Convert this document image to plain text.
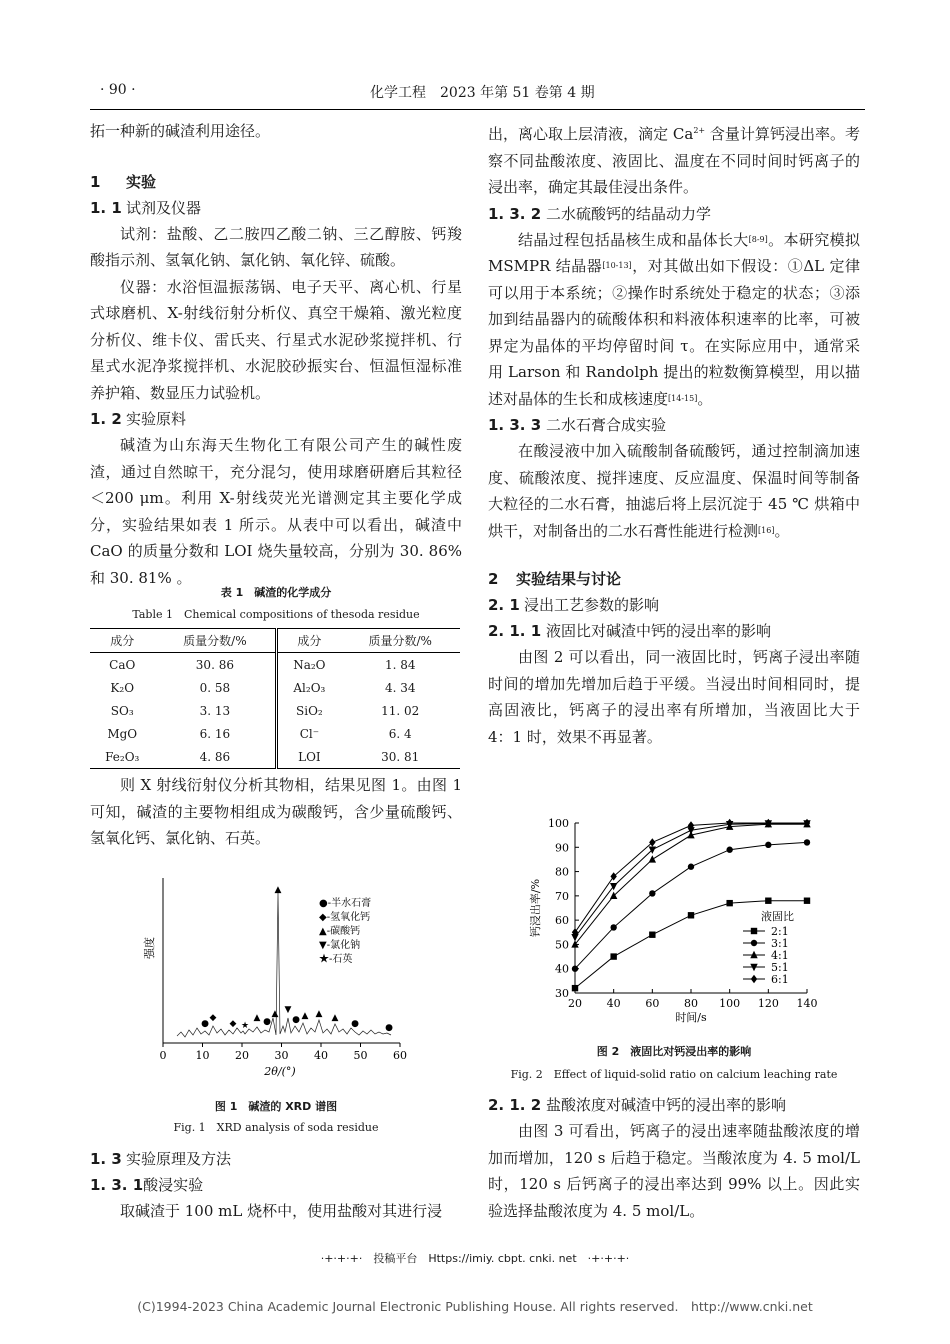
· 90 ·	化学工程　2023 年第 51 卷第 4 期

拓一种新的碱渣利用途径。

1 实验
1. 1 试剂及仪器

试剂：盐酸、乙二胺四乙酸二钠、三乙醇胺、钙羧酸指示剂、氢氧化钠、氯化钠、氧化锌、硫酸。

仪器：水浴恒温振荡锅、电子天平、离心机、行星式球磨机、X-射线衍射分析仪、真空干燥箱、激光粒度分析仪、维卡仪、雷氏夹、行星式水泥砂浆搅拌机、行星式水泥净浆搅拌机、水泥胶砂振实台、恒温恒湿标准养护箱、数显压力试验机。

1. 2 实验原料

碱渣为山东海天生物化工有限公司产生的碱性废渣，通过自然晾干，充分混匀，使用球磨研磨后其粒径＜200 μm。利用 X-射线荧光光谱测定其主要化学成分，实验结果如表 1 所示。从表中可以看出，碱渣中 CaO 的质量分数和 LOI 烧失量较高，分别为 30. 86% 和 30. 81% 。

表 1　碱渣的化学成分
Table 1　Chemical compositions of thesoda residue
成分	质量分数/%	成分	质量分数/%
CaO	30. 86	Na₂O	1. 84
K₂O	0. 58	Al₂O₃	4. 34
SO₃	3. 13	SiO₂	11. 02
MgO	6. 16	Cl⁻	6. 4
Fe₂O₃	4. 86	LOI	30. 81

则 X 射线衍射仪分析其物相，结果见图 1。由图 1 可知，碱渣的主要物相组成为碳酸钙，含少量硫酸钙、氢氧化钙、氯化钠、石英。

强度
0	10 20 30 40 50 60
2θ/(°)
●
◆
◆ ★
▲ ●
▲
▲
▼
● ▲ ▲ ▲
●	●
●-半水石膏
◆-氢氧化钙
▲-碳酸钙
▼-氯化钠
★-石英
图 1　碱渣的 XRD 谱图
Fig. 1　XRD analysis of soda residue
1. 3 实验原理及方法
1. 3. 1酸浸实验

取碱渣于 100 mL 烧杯中，使用盐酸对其进行浸

出，离心取上层清液，滴定 $Ca^{2+}$ 含量计算钙浸出率。考察不同盐酸浓度、液固比、温度在不同时间时钙离子的浸出率，确定其最佳浸出条件。

1. 3. 2 二水硫酸钙的结晶动力学

结晶过程包括晶核生成和晶体长大[8-9]。本研究模拟 MSMPR 结晶器[10-13]，对其做出如下假设：①ΔL 定律可以用于本系统；②操作时系统处于稳定的状态；③添加到结晶器内的硫酸体积和料液体积速率的比率，可被界定为晶体的平均停留时间 τ。在实际应用中，通常采用 Larson 和 Randolph 提出的粒数衡算模型，用以描述对晶体的生长和成核速度[14-15]。

1. 3. 3 二水石膏合成实验

在酸浸液中加入硫酸制备硫酸钙，通过控制滴加速度、硫酸浓度、搅拌速度、反应温度、保温时间等制备大粒径的二水石膏，抽滤后将上层沉淀于 45 ℃ 烘箱中烘干，对制备出的二水石膏性能进行检测[16]。

2 实验结果与讨论
2. 1 浸出工艺参数的影响
2. 1. 1 液固比对碱渣中钙的浸出率的影响

由图 2 可以看出，同一液固比时，钙离子浸出率随时间的增加先增加后趋于平缓。当浸出时间相同时，提高固液比，钙离子的浸出率有所增加，当液固比大于 4：1 时，效果不再显著。

钙浸出率/%
时间/s
30
40
50
60
70
80
90
100
20 40 60 80 100 120 140
液固比
2:1
3:1
4:1
5:1
6:1
图 2　液固比对钙浸出率的影响
Fig. 2　Effect of liquid-solid ratio on calcium leaching rate
2. 1. 2 盐酸浓度对碱渣中钙的浸出率的影响

由图 3 可看出，钙离子的浸出速率随盐酸浓度的增加而增加，120 s 后趋于稳定。当酸浓度为 4. 5 mol/L 时，120 s 后钙离子的浸出率达到 99% 以上。因此实验选择盐酸浓度为 4. 5 mol/L。

·+·+·+·　投稿平台　Https://imiy. cbpt. cnki. net　·+·+·+·
(C)1994-2023 China Academic Journal Electronic Publishing House. All rights reserved.　http://www.cnki.net
